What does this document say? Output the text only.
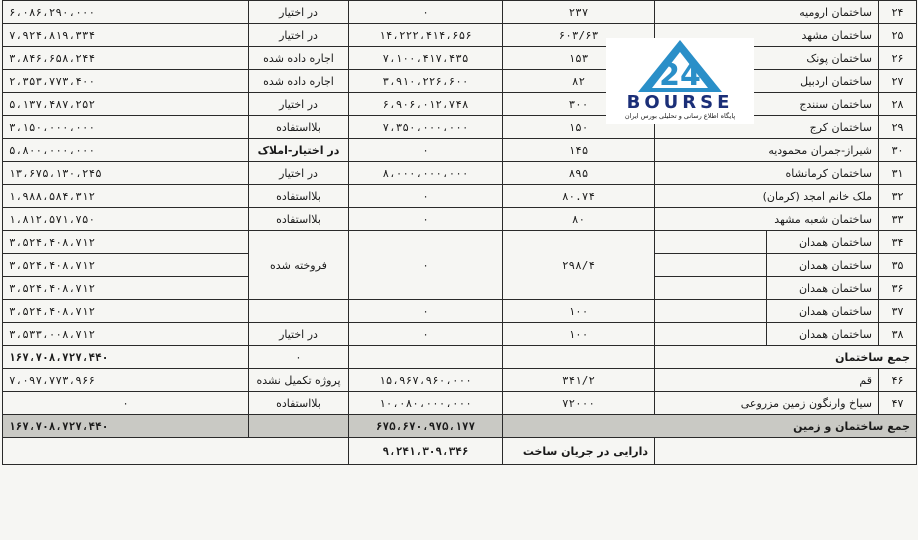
۶،۰۸۶،۲۹۰،۰۰۰	در اختیار	۰	۲۳۷	ساختمان ارومیه		۲۴
۷،۹۲۴،۸۱۹،۳۳۴	در اختیار	۱۴،۲۲۲،۴۱۴،۶۵۶	۶۰۳/۶۳	ساختمان مشهد		۲۵
۳،۸۴۶،۶۵۸،۲۴۴	اجاره داده شده	۷،۱۰۰،۴۱۷،۴۳۵	۱۵۳	ساختمان پونک		۲۶
۲،۳۵۳،۷۷۳،۴۰۰	اجاره داده شده	۳،۹۱۰،۲۲۶،۶۰۰	۸۲	ساختمان اردبیل		۲۷
۵،۱۳۷،۴۸۷،۲۵۲	در اختیار	۶،۹۰۶،۰۱۲،۷۴۸	۳۰۰	ساختمان سنندج		۲۸
۳،۱۵۰،۰۰۰،۰۰۰	بلااستفاده	۷،۳۵۰،۰۰۰،۰۰۰	۱۵۰	ساختمان کرج		۲۹
۵،۸۰۰،۰۰۰،۰۰۰	در اختیار-املاک	۰	۱۴۵	شیراز-جمران محمودیه		۳۰
۱۳،۶۷۵،۱۳۰،۲۴۵	در اختیار	۸،۰۰۰،۰۰۰،۰۰۰	۸۹۵	ساختمان کرمانشاه		۳۱
۱،۹۸۸،۵۸۴،۳۱۲	بلااستفاده	۰	۸۰.۷۴	ملک خانم امجد (کرمان)		۳۲
۱،۸۱۲،۵۷۱،۷۵۰	بلااستفاده	۰	۸۰	ساختمان شعبه مشهد		۳۳
۳،۵۲۴،۴۰۸،۷۱۲	فروخته شده	۰	۲۹۸/۴		ساختمان همدان	۳۴
۳،۵۲۴،۴۰۸،۷۱۲					ساختمان همدان	۳۵
۳،۵۲۴،۴۰۸،۷۱۲					ساختمان همدان	۳۶
۳،۵۲۴،۴۰۸،۷۱۲		۰	۱۰۰		ساختمان همدان	۳۷
۳،۵۳۳،۰۰۸،۷۱۲	در اختیار	۰	۱۰۰		ساختمان همدان	۳۸
۱۶۷،۷۰۸،۷۲۷،۴۴۰	۰			جمع ساختمان		
۷،۰۹۷،۷۷۳،۹۶۶	پروژه تکمیل نشده	۱۵،۹۶۷،۹۶۰،۰۰۰	۳۴۱/۲	قم		۴۶
۰	بلااستفاده	۱۰،۰۸۰،۰۰۰،۰۰۰	۷۲۰۰۰	سیاخ وارنگون زمین مزروعی		۴۷
۱۶۷،۷۰۸،۷۲۷،۴۴۰		۶۷۵،۶۷۰،۹۷۵،۱۷۷	جمع ساختمان و زمین			
		۹،۲۴۱،۳۰۹،۳۴۶	دارایی در جریان ساخت			
24
BOURSE
پایگاه اطلاع رسانی و تحلیلی بورس ایران
